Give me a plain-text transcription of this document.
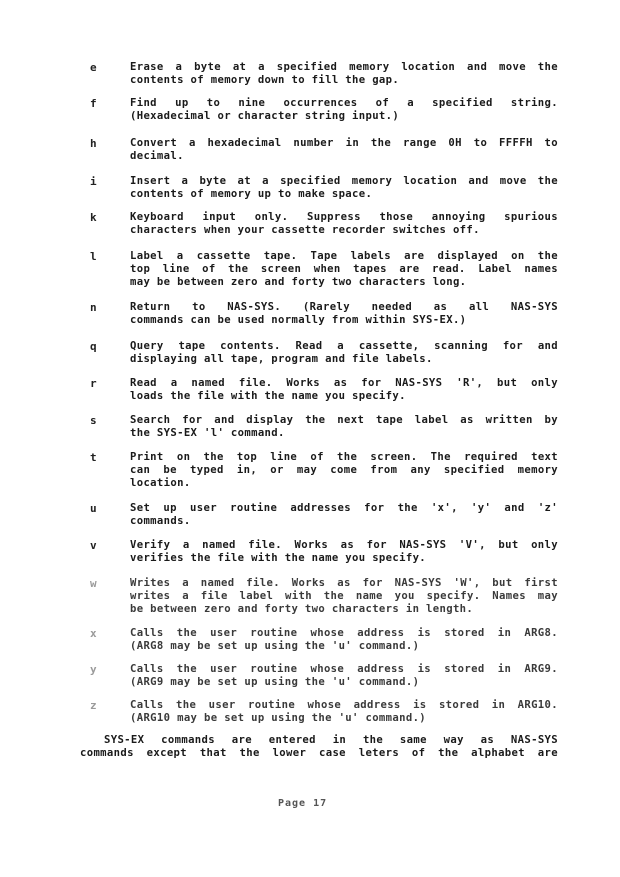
e	Erase a byte at a specified memory location and move the
contents of memory down to fill the gap.
f	Find up to nine occurrences of a specified string.
(Hexadecimal or character string input.)
h	Convert a hexadecimal number in the range 0H to FFFFH to
decimal.
i	Insert a byte at a specified memory location and move the
contents of memory up to make space.
k	Keyboard input only. Suppress those annoying spurious
characters when your cassette recorder switches off.
l	Label a cassette tape. Tape labels are displayed on the
top line of the screen when tapes are read. Label names
may be between zero and forty two characters long.
n	Return to NAS-SYS. (Rarely needed as all NAS-SYS
commands can be used normally from within SYS-EX.)
q	Query tape contents. Read a cassette, scanning for and
displaying all tape, program and file labels.
r	Read a named file. Works as for NAS-SYS 'R', but only
loads the file with the name you specify.
s	Search for and display the next tape label as written by
the SYS-EX 'l' command.
t	Print on the top line of the screen. The required text
can be typed in, or may come from any specified memory
location.
u	Set up user routine addresses for the 'x', 'y' and 'z'
commands.
v	Verify a named file. Works as for NAS-SYS 'V', but only
verifies the file with the name you specify.
w	Writes a named file. Works as for NAS-SYS 'W', but first
writes a file label with the name you specify. Names may
be between zero and forty two characters in length.
x	Calls the user routine whose address is stored in ARG8.
(ARG8 may be set up using the 'u' command.)
y	Calls the user routine whose address is stored in ARG9.
(ARG9 may be set up using the 'u' command.)
z	Calls the user routine whose address is stored in ARG10.
(ARG10 may be set up using the 'u' command.)
SYS-EX commands are entered in the same way as NAS-SYS
commands except that the lower case leters of the alphabet are
Page 17
